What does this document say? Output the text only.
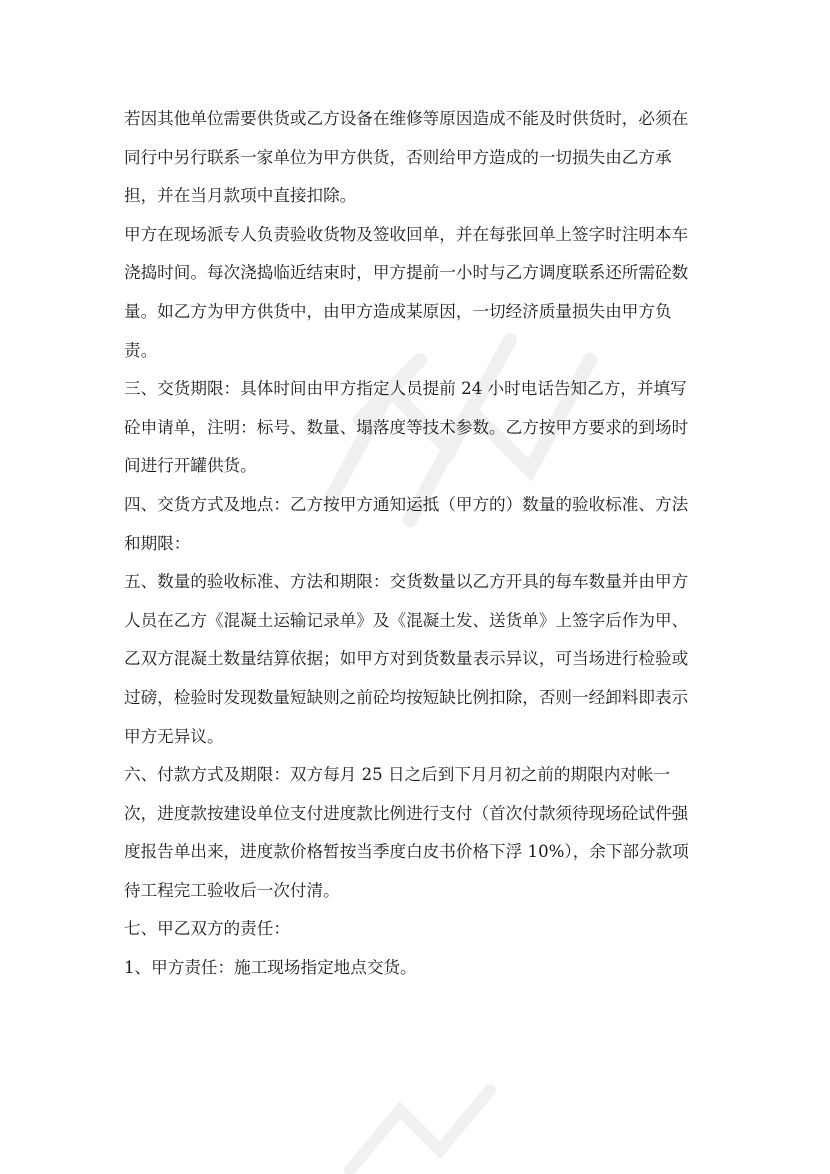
若因其他单位需要供货或乙方设备在维修等原因造成不能及时供货时，必须在
同行中另行联系一家单位为甲方供货，否则给甲方造成的一切损失由乙方承
担，并在当月款项中直接扣除。
甲方在现场派专人负责验收货物及签收回单，并在每张回单上签字时注明本车
浇捣时间。每次浇捣临近结束时，甲方提前一小时与乙方调度联系还所需砼数
量。如乙方为甲方供货中，由甲方造成某原因，一切经济质量损失由甲方负
责。
三、交货期限：具体时间由甲方指定人员提前 24 小时电话告知乙方，并填写
砼申请单，注明：标号、数量、塌落度等技术参数。乙方按甲方要求的到场时
间进行开罐供货。
四、交货方式及地点：乙方按甲方通知运抵（甲方的）数量的验收标准、方法
和期限：
五、数量的验收标准、方法和期限：交货数量以乙方开具的每车数量并由甲方
人员在乙方《混凝土运输记录单》及《混凝土发、送货单》上签字后作为甲、
乙双方混凝土数量结算依据；如甲方对到货数量表示异议，可当场进行检验或
过磅，检验时发现数量短缺则之前砼均按短缺比例扣除，否则一经卸料即表示
甲方无异议。
六、付款方式及期限：双方每月 25 日之后到下月月初之前的期限内对帐一
次，进度款按建设单位支付进度款比例进行支付（首次付款须待现场砼试件强
度报告单出来，进度款价格暂按当季度白皮书价格下浮 10%），余下部分款项
待工程完工验收后一次付清。
七、甲乙双方的责任：
1、甲方责任：施工现场指定地点交货。
